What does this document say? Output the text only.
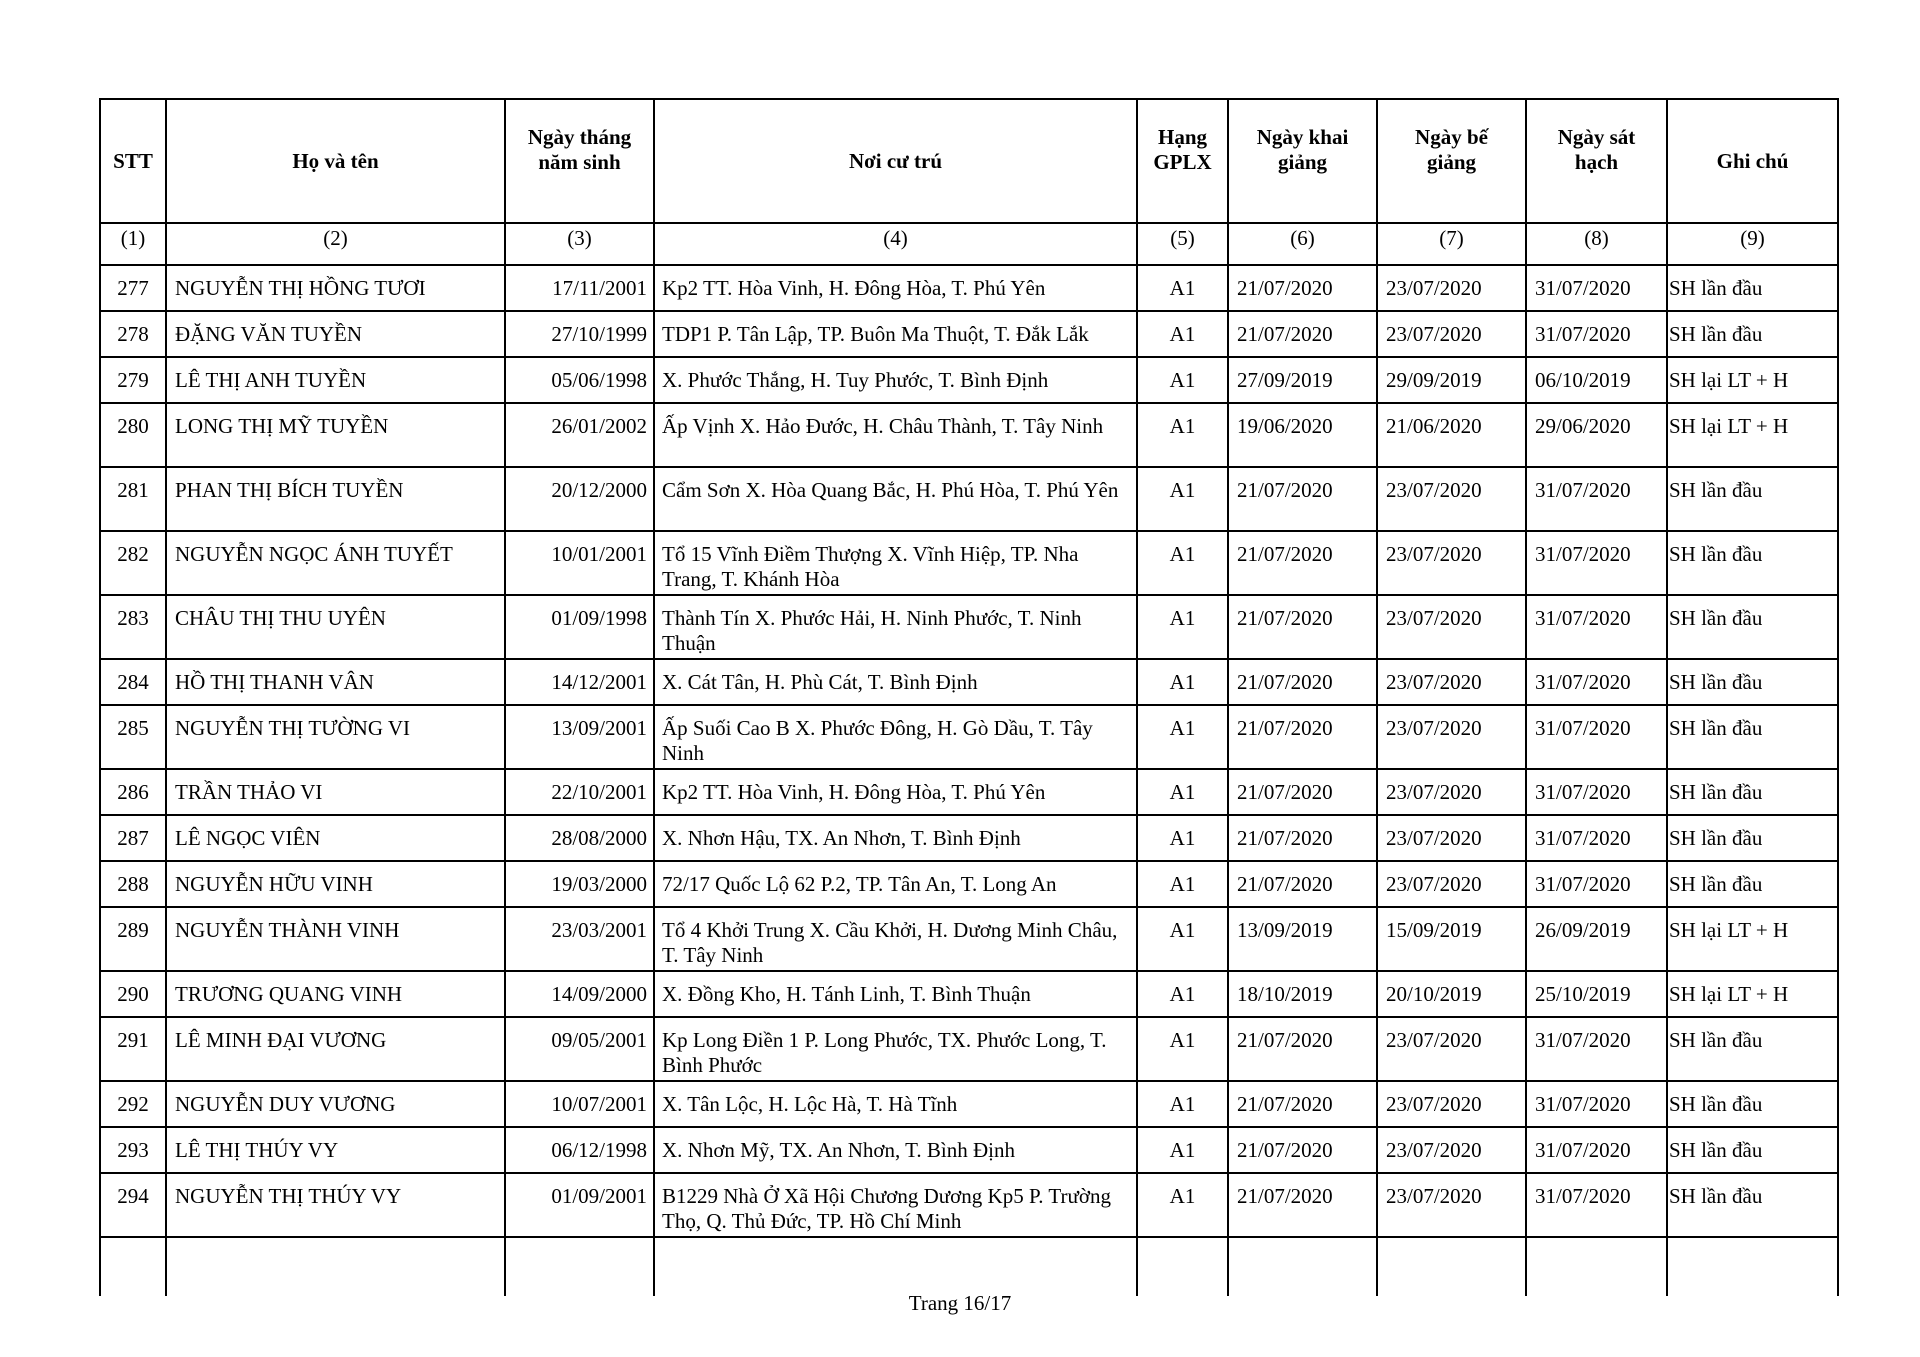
STT	Họ và tên	Ngày tháng năm sinh	Nơi cư trú	Hạng GPLX	Ngày khai giảng	Ngày bế giảng	Ngày sát hạch	Ghi chú
(1)	(2)	(3)	(4)	(5)	(6)	(7)	(8)	(9)
277	NGUYỄN THỊ HỒNG TƯƠI	17/11/2001	Kp2 TT. Hòa Vinh, H. Đông Hòa, T. Phú Yên	A1	21/07/2020	23/07/2020	31/07/2020	SH lần đầu
278	ĐẶNG VĂN TUYỀN	27/10/1999	TDP1 P. Tân Lập, TP. Buôn Ma Thuột, T. Đắk Lắk	A1	21/07/2020	23/07/2020	31/07/2020	SH lần đầu
279	LÊ THỊ ANH TUYỀN	05/06/1998	X. Phước Thắng, H. Tuy Phước, T. Bình Định	A1	27/09/2019	29/09/2019	06/10/2019	SH lại LT + H
280	LONG THỊ MỸ TUYỀN	26/01/2002	Ấp Vịnh X. Hảo Đước, H. Châu Thành, T. Tây Ninh	A1	19/06/2020	21/06/2020	29/06/2020	SH lại LT + H
281	PHAN THỊ BÍCH TUYỀN	20/12/2000	Cẩm Sơn X. Hòa Quang Bắc, H. Phú Hòa, T. Phú Yên	A1	21/07/2020	23/07/2020	31/07/2020	SH lần đầu
282	NGUYỄN NGỌC ÁNH TUYẾT	10/01/2001	Tổ 15 Vĩnh Điềm Thượng X. Vĩnh Hiệp, TP. Nha Trang, T. Khánh Hòa	A1	21/07/2020	23/07/2020	31/07/2020	SH lần đầu
283	CHÂU THỊ THU UYÊN	01/09/1998	Thành Tín X. Phước Hải, H. Ninh Phước, T. Ninh Thuận	A1	21/07/2020	23/07/2020	31/07/2020	SH lần đầu
284	HỒ THỊ THANH VÂN	14/12/2001	X. Cát Tân, H. Phù Cát, T. Bình Định	A1	21/07/2020	23/07/2020	31/07/2020	SH lần đầu
285	NGUYỄN THỊ TƯỜNG VI	13/09/2001	Ấp Suối Cao B X. Phước Đông, H. Gò Dầu, T. Tây Ninh	A1	21/07/2020	23/07/2020	31/07/2020	SH lần đầu
286	TRẦN THẢO VI	22/10/2001	Kp2 TT. Hòa Vinh, H. Đông Hòa, T. Phú Yên	A1	21/07/2020	23/07/2020	31/07/2020	SH lần đầu
287	LÊ NGỌC VIÊN	28/08/2000	X. Nhơn Hậu, TX. An Nhơn, T. Bình Định	A1	21/07/2020	23/07/2020	31/07/2020	SH lần đầu
288	NGUYỄN HỮU VINH	19/03/2000	72/17 Quốc Lộ 62 P.2, TP. Tân An, T. Long An	A1	21/07/2020	23/07/2020	31/07/2020	SH lần đầu
289	NGUYỄN THÀNH VINH	23/03/2001	Tổ 4 Khởi Trung X. Cầu Khởi, H. Dương Minh Châu, T. Tây Ninh	A1	13/09/2019	15/09/2019	26/09/2019	SH lại LT + H
290	TRƯƠNG QUANG VINH	14/09/2000	X. Đồng Kho, H. Tánh Linh, T. Bình Thuận	A1	18/10/2019	20/10/2019	25/10/2019	SH lại LT + H
291	LÊ MINH ĐẠI VƯƠNG	09/05/2001	Kp Long Điền 1 P. Long Phước, TX. Phước Long, T. Bình Phước	A1	21/07/2020	23/07/2020	31/07/2020	SH lần đầu
292	NGUYỄN DUY VƯƠNG	10/07/2001	X. Tân Lộc, H. Lộc Hà, T. Hà Tĩnh	A1	21/07/2020	23/07/2020	31/07/2020	SH lần đầu
293	LÊ THỊ THÚY VY	06/12/1998	X. Nhơn Mỹ, TX. An Nhơn, T. Bình Định	A1	21/07/2020	23/07/2020	31/07/2020	SH lần đầu
294	NGUYỄN THỊ THÚY VY	01/09/2001	B1229 Nhà Ở Xã Hội Chương Dương Kp5 P. Trường Thọ, Q. Thủ Đức, TP. Hồ Chí Minh	A1	21/07/2020	23/07/2020	31/07/2020	SH lần đầu

Trang 16/17
